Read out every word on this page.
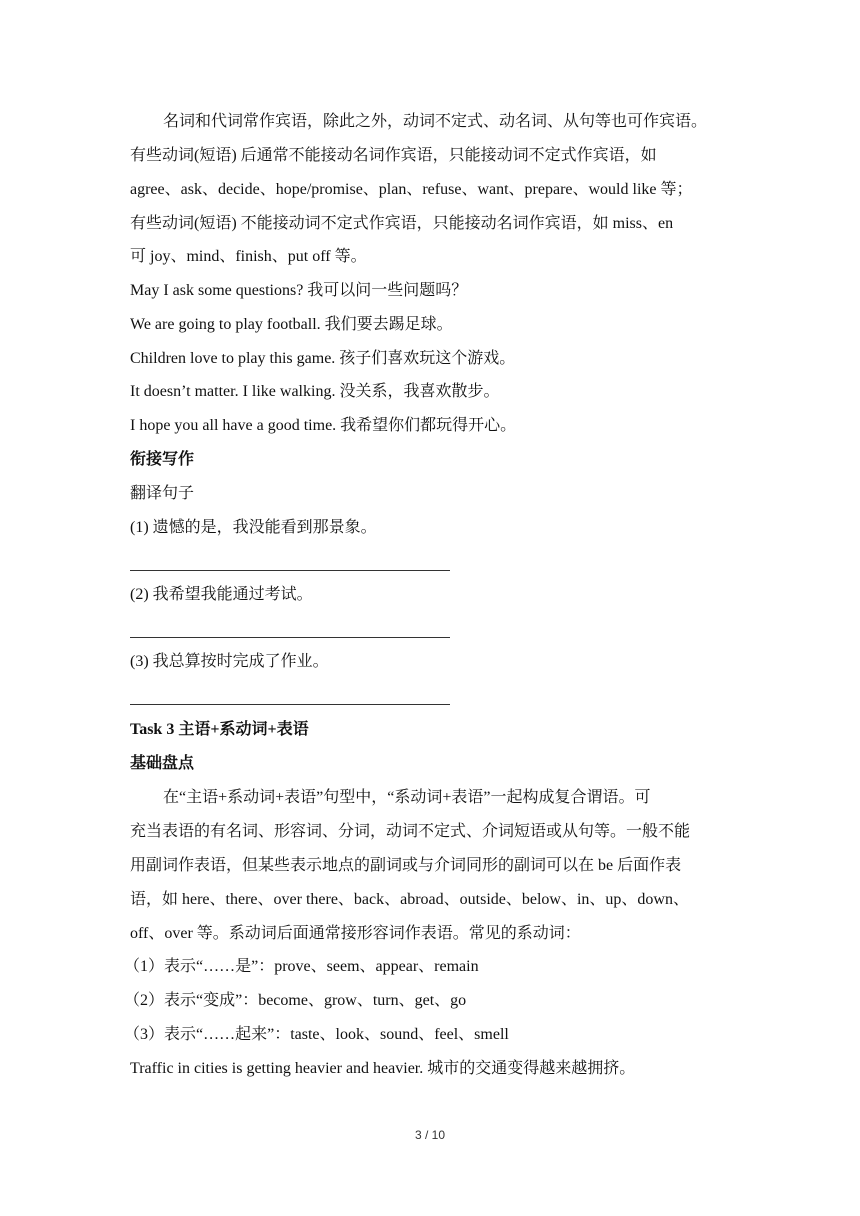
名词和代词常作宾语，除此之外，动词不定式、动名词、从句等也可作宾语。
有些动词(短语) 后通常不能接动名词作宾语，只能接动词不定式作宾语，如
agree、ask、decide、hope/promise、plan、refuse、want、prepare、would like 等；
有些动词(短语) 不能接动词不定式作宾语，只能接动名词作宾语，如 miss、en
可 joy、mind、finish、put off 等。
May I ask some questions? 我可以问一些问题吗？
We are going to play football. 我们要去踢足球。
Children love to play this game. 孩子们喜欢玩这个游戏。
It doesn’t matter. I like walking. 没关系，我喜欢散步。
I hope you all have a good time. 我希望你们都玩得开心。
衔接写作
翻译句子
(1) 遗憾的是，我没能看到那景象。
(2) 我希望我能通过考试。
(3) 我总算按时完成了作业。
Task 3 主语+系动词+表语
基础盘点
在“主语+系动词+表语”句型中，“系动词+表语”一起构成复合谓语。可
充当表语的有名词、形容词、分词，动词不定式、介词短语或从句等。一般不能
用副词作表语，但某些表示地点的副词或与介词同形的副词可以在 be 后面作表
语，如 here、there、over there、back、abroad、outside、below、in、up、down、
off、over 等。系动词后面通常接形容词作表语。常见的系动词：
（1）表示“……是”：prove、seem、appear、remain
（2）表示“变成”：become、grow、turn、get、go
（3）表示“……起来”：taste、look、sound、feel、smell
Traffic in cities is getting heavier and heavier. 城市的交通变得越来越拥挤。
3 / 10
